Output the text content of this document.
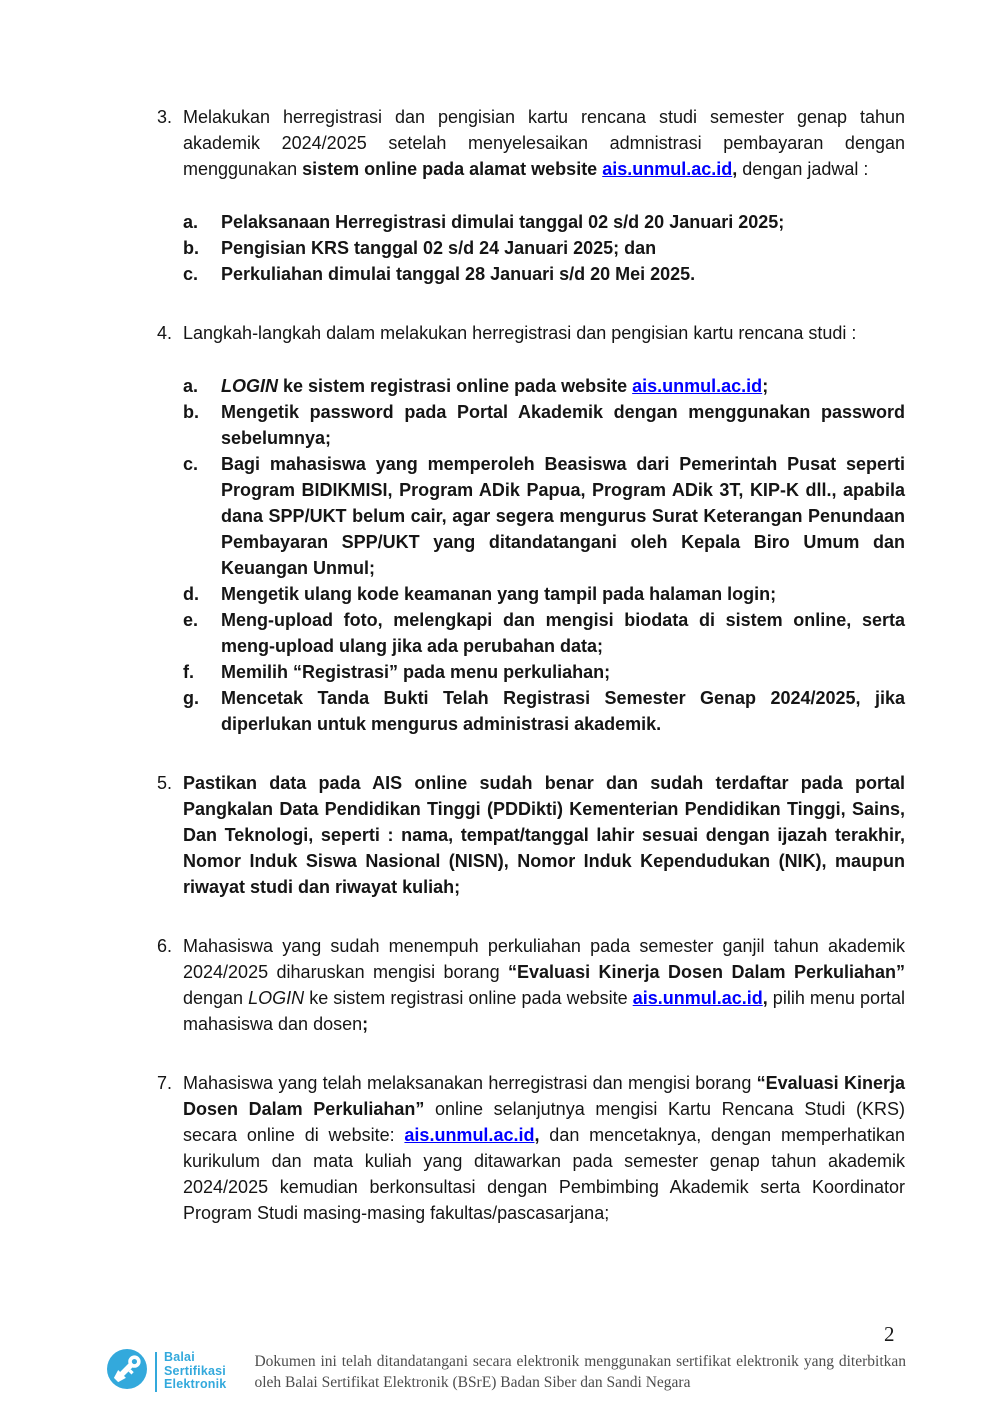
3. Melakukan herregistrasi dan pengisian kartu rencana studi semester genap tahun akademik 2024/2025 setelah menyelesaikan admnistrasi pembayaran dengan menggunakan sistem online pada alamat website ais.unmul.ac.id, dengan jadwal :

a.	Pelaksanaan Herregistrasi dimulai tanggal 02 s/d 20 Januari 2025;
b.	Pengisian KRS tanggal 02 s/d 24 Januari 2025; dan
c.	Perkuliahan dimulai tanggal 28 Januari s/d 20 Mei 2025.
4. Langkah-langkah dalam melakukan herregistrasi dan pengisian kartu rencana studi :

a.	LOGIN ke sistem registrasi online pada website ais.unmul.ac.id;
b.	Mengetik password pada Portal Akademik dengan menggunakan password sebelumnya;
c.	Bagi mahasiswa yang memperoleh Beasiswa dari Pemerintah Pusat seperti Program BIDIKMISI, Program ADik Papua, Program ADik 3T, KIP-K dll., apabila dana SPP/UKT belum cair, agar segera mengurus Surat Keterangan Penundaan Pembayaran SPP/UKT yang ditandatangani oleh Kepala Biro Umum dan Keuangan Unmul;
d.	Mengetik ulang kode keamanan yang tampil pada halaman login;
e.	Meng-upload foto, melengkapi dan mengisi biodata di sistem online, serta meng-upload ulang jika ada perubahan data;
f.	Memilih “Registrasi” pada menu perkuliahan;
g.	Mencetak Tanda Bukti Telah Registrasi Semester Genap 2024/2025, jika diperlukan untuk mengurus administrasi akademik.
5. Pastikan data pada AIS online sudah benar dan sudah terdaftar pada portal Pangkalan Data Pendidikan Tinggi (PDDikti) Kementerian Pendidikan Tinggi, Sains, Dan Teknologi, seperti : nama, tempat/tanggal lahir sesuai dengan ijazah terakhir, Nomor Induk Siswa Nasional (NISN), Nomor Induk Kependudukan (NIK), maupun riwayat studi dan riwayat kuliah;

6. Mahasiswa yang sudah menempuh perkuliahan pada semester ganjil tahun akademik 2024/2025 diharuskan mengisi borang “Evaluasi Kinerja Dosen Dalam Perkuliahan” dengan LOGIN ke sistem registrasi online pada website ais.unmul.ac.id, pilih menu portal mahasiswa dan dosen;

7. Mahasiswa yang telah melaksanakan herregistrasi dan mengisi borang “Evaluasi Kinerja Dosen Dalam Perkuliahan” online selanjutnya mengisi Kartu Rencana Studi (KRS) secara online di website: ais.unmul.ac.id, dan mencetaknya, dengan memperhatikan kurikulum dan mata kuliah yang ditawarkan pada semester genap tahun akademik 2024/2025 kemudian berkonsultasi dengan Pembimbing Akademik serta Koordinator Program Studi masing-masing fakultas/pascasarjana;

2
Balai
Sertifikasi
Elektronik
Dokumen ini telah ditandatangani secara elektronik menggunakan sertifikat elektronik yang diterbitkan oleh Balai Sertifikat Elektronik (BSrE) Badan Siber dan Sandi Negara
